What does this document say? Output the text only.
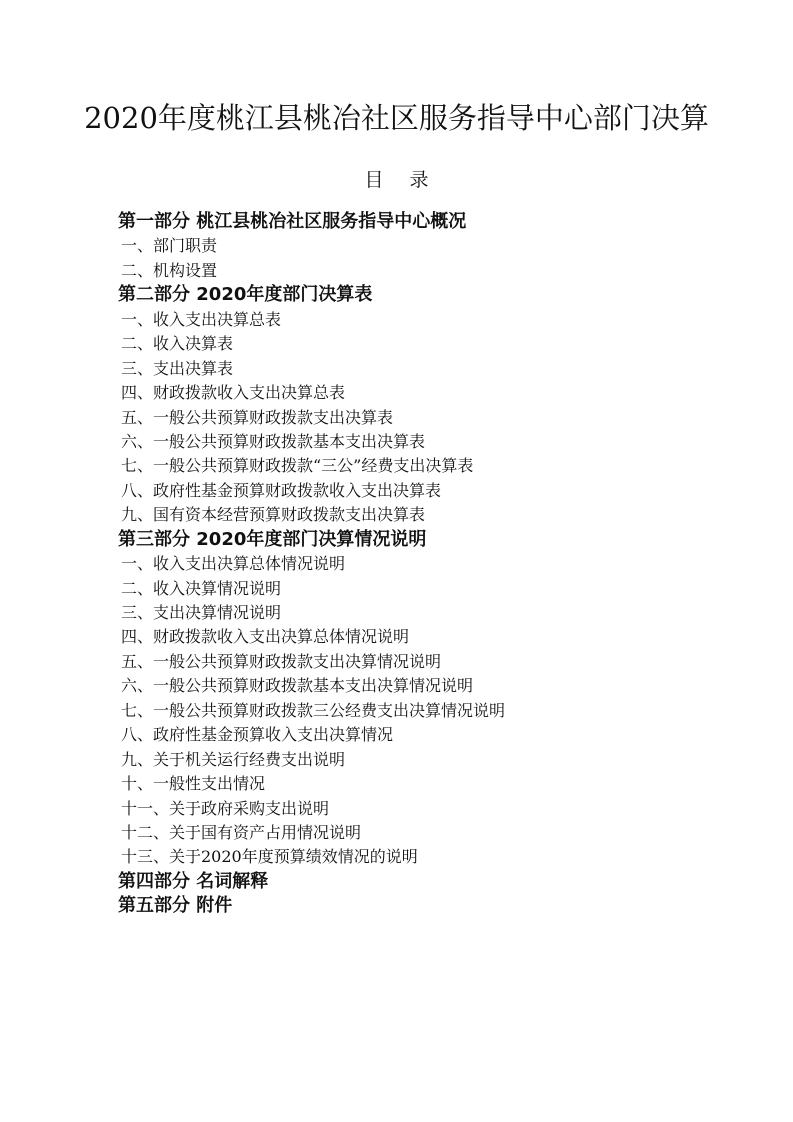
2020年度桃江县桃冶社区服务指导中心部门决算
目 录
第一部分 桃江县桃冶社区服务指导中心概况
一、部门职责
二、机构设置
第二部分 2020年度部门决算表
一、收入支出决算总表
二、收入决算表
三、支出决算表
四、财政拨款收入支出决算总表
五、一般公共预算财政拨款支出决算表
六、一般公共预算财政拨款基本支出决算表
七、一般公共预算财政拨款“三公”经费支出决算表
八、政府性基金预算财政拨款收入支出决算表
九、国有资本经营预算财政拨款支出决算表
第三部分 2020年度部门决算情况说明
一、收入支出决算总体情况说明
二、收入决算情况说明
三、支出决算情况说明
四、财政拨款收入支出决算总体情况说明
五、一般公共预算财政拨款支出决算情况说明
六、一般公共预算财政拨款基本支出决算情况说明
七、一般公共预算财政拨款三公经费支出决算情况说明
八、政府性基金预算收入支出决算情况
九、关于机关运行经费支出说明
十、一般性支出情况
十一、关于政府采购支出说明
十二、关于国有资产占用情况说明
十三、关于2020年度预算绩效情况的说明
第四部分 名词解释
第五部分 附件
